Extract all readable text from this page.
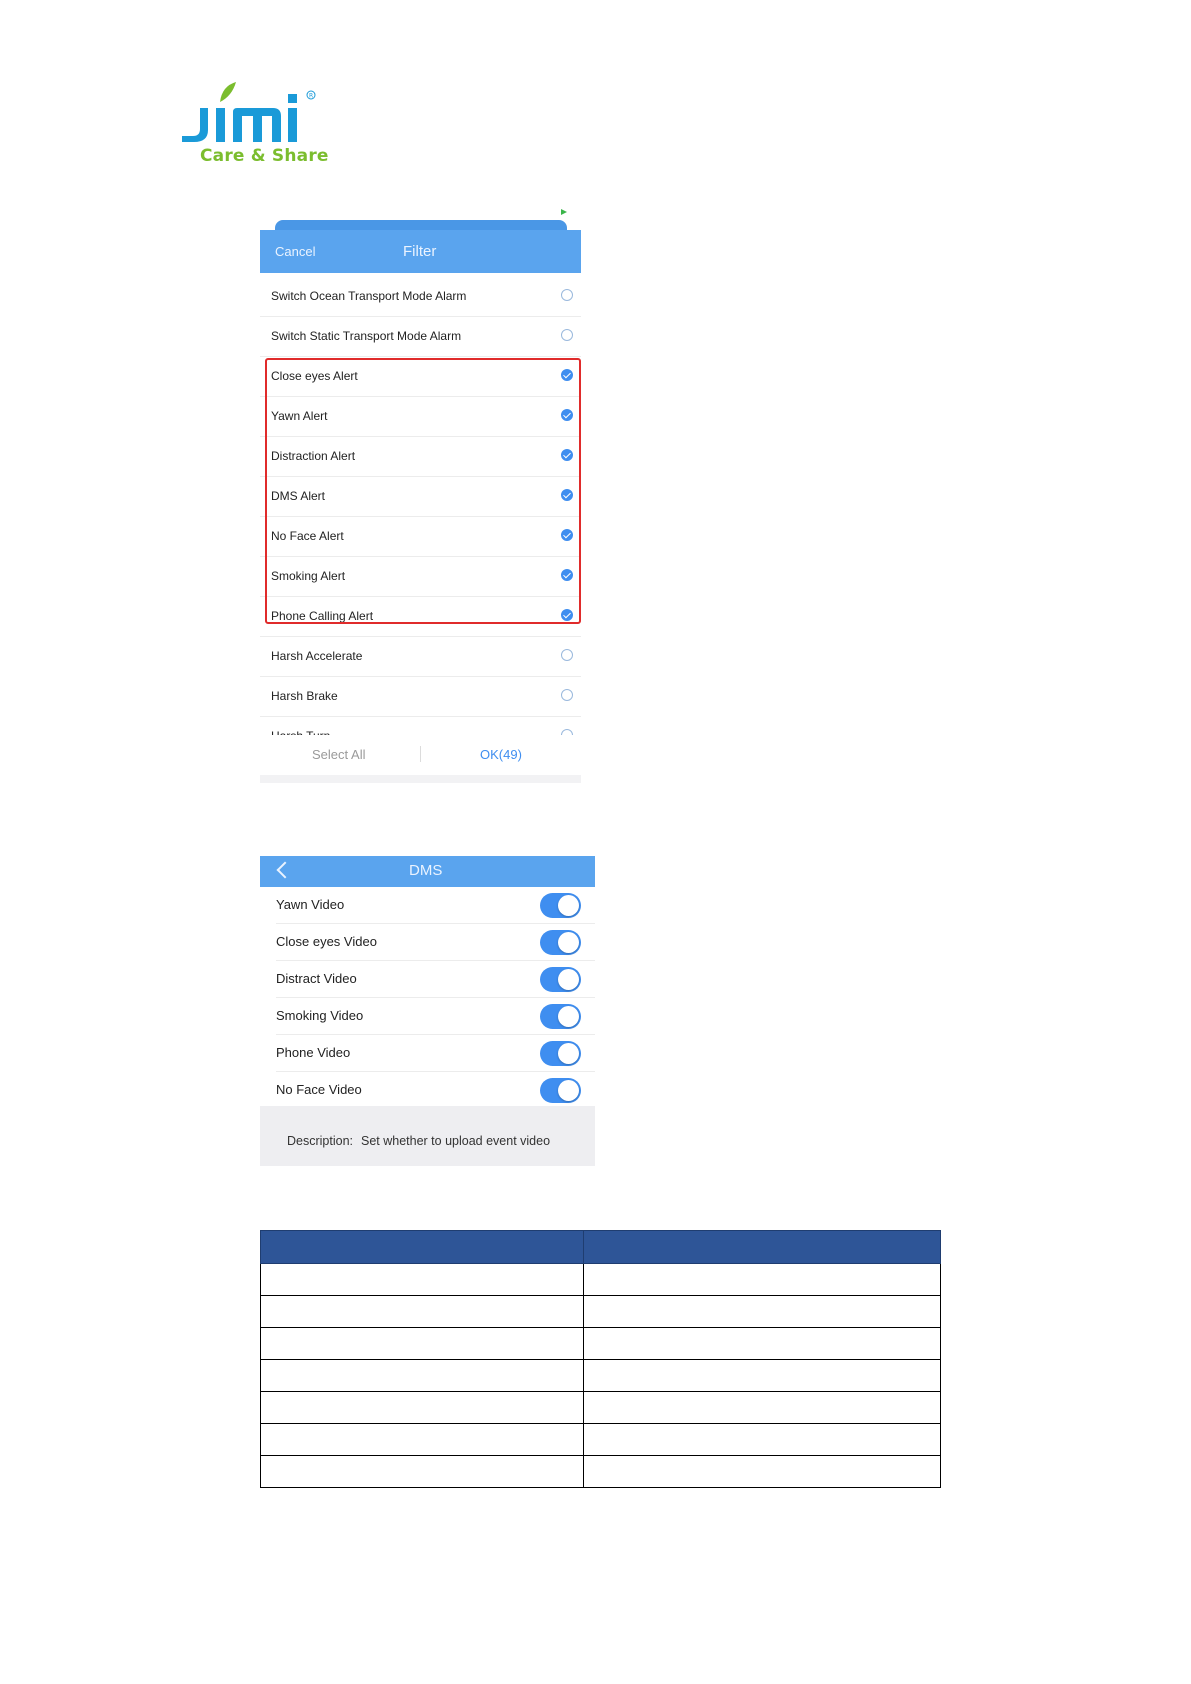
R
Care & Share
Cancel	Filter
Switch Ocean Transport Mode Alarm
Switch Static Transport Mode Alarm
Close eyes Alert
Yawn Alert
Distraction Alert
DMS Alert
No Face Alert
Smoking Alert
Phone Calling Alert
Harsh Accelerate
Harsh Brake
Select All	OK(49)
DMS
Yawn Video
Close eyes Video
Distract Video
Smoking Video
Phone Video
No Face Video
Description: Set whether to upload event video
